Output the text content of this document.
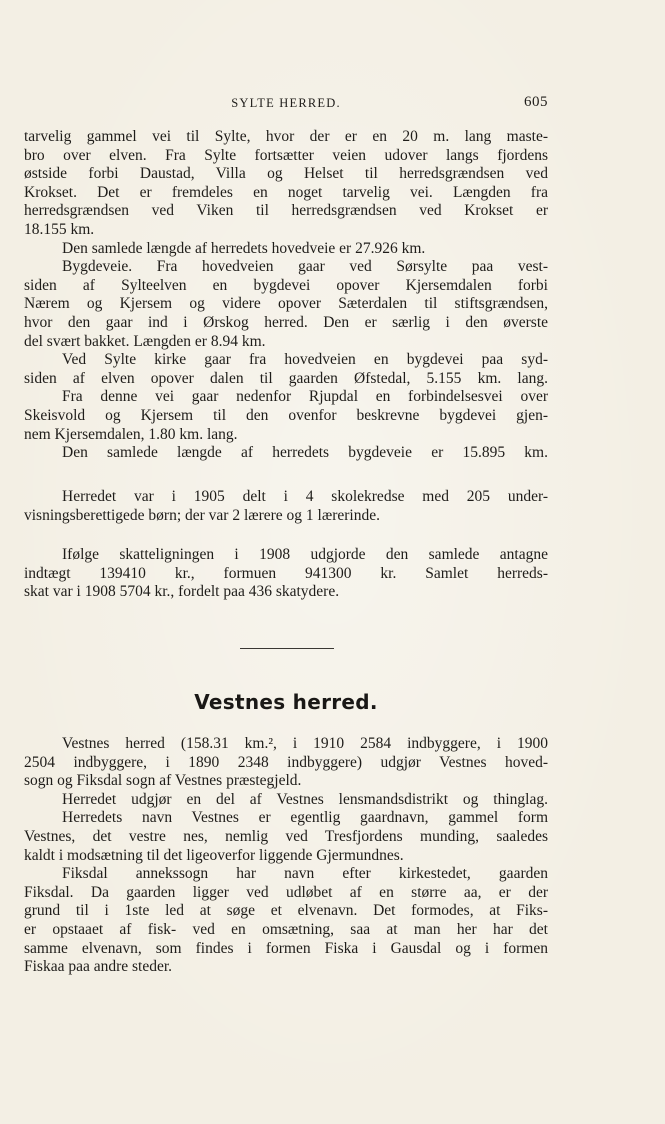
SYLTE HERRED.	605
tarvelig gammel vei til Sylte, hvor der er en 20 m. lang maste-
bro over elven. Fra Sylte fortsætter veien udover langs fjordens
østside forbi Daustad, Villa og Helset til herredsgrændsen ved
Krokset. Det er fremdeles en noget tarvelig vei. Længden fra
herredsgrændsen ved Viken til herredsgrændsen ved Krokset er
18.155 km.
Den samlede længde af herredets hovedveie er 27.926 km.
Bygdeveie. Fra hovedveien gaar ved Sørsylte paa vest-
siden af Sylteelven en bygdevei opover Kjersemdalen forbi
Nærem og Kjersem og videre opover Sæterdalen til stiftsgrændsen,
hvor den gaar ind i Ørskog herred. Den er særlig i den øverste
del svært bakket. Længden er 8.94 km.
Ved Sylte kirke gaar fra hovedveien en bygdevei paa syd-
siden af elven opover dalen til gaarden Øfstedal, 5.155 km. lang.
Fra denne vei gaar nedenfor Rjupdal en forbindelsesvei over
Skeisvold og Kjersem til den ovenfor beskrevne bygdevei gjen-
nem Kjersemdalen, 1.80 km. lang.
Den samlede længde af herredets bygdeveie er 15.895 km.
Herredet var i 1905 delt i 4 skolekredse med 205 under-
visningsberettigede børn; der var 2 lærere og 1 lærerinde.
Ifølge skatteligningen i 1908 udgjorde den samlede antagne
indtægt 139410 kr., formuen 941300 kr. Samlet herreds-
skat var i 1908 5704 kr., fordelt paa 436 skatydere.
Vestnes herred.
Vestnes herred (158.31 km.², i 1910 2584 indbyggere, i 1900
2504 indbyggere, i 1890 2348 indbyggere) udgjør Vestnes hoved-
sogn og Fiksdal sogn af Vestnes præstegjeld.
Herredet udgjør en del af Vestnes lensmandsdistrikt og thinglag.
Herredets navn Vestnes er egentlig gaardnavn, gammel form
Vestnes, det vestre nes, nemlig ved Tresfjordens munding, saaledes
kaldt i modsætning til det ligeoverfor liggende Gjermundnes.
Fiksdal annekssogn har navn efter kirkestedet, gaarden
Fiksdal. Da gaarden ligger ved udløbet af en større aa, er der
grund til i 1ste led at søge et elvenavn. Det formodes, at Fiks-
er opstaaet af fisk- ved en omsætning, saa at man her har det
samme elvenavn, som findes i formen Fiska i Gausdal og i formen
Fiskaa paa andre steder.
